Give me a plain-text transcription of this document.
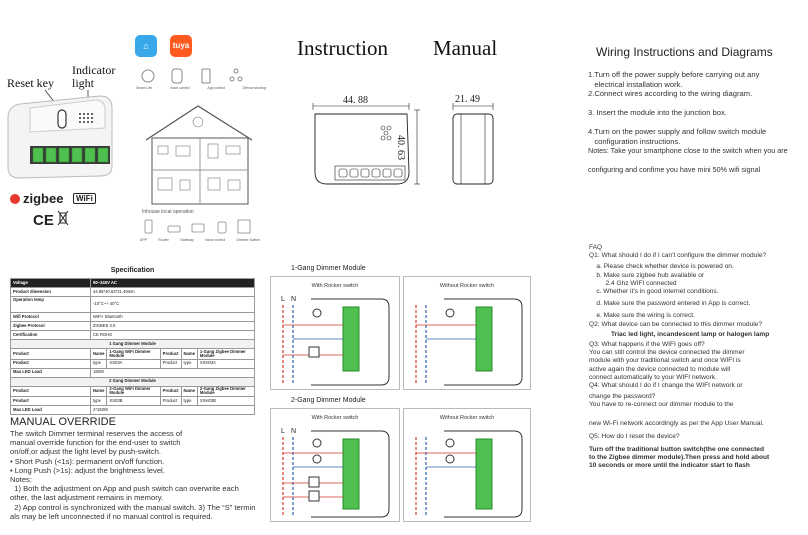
Reset key
Indicator
light
zigbee	WiFi
CE
⌂	tuya
Smart Life	Voice control	App control	Device sharing
Inhouse local operation
APP	Router	Gateway	Voice control	Dimmer Switch
Specification
Voltage	90~240V AC				
Product dimension	44.88*40.63*21.49mm				
Operation temp	-10°C~+ 40°C				
Wifi Protocol	WiFi+ Bluetooth				
Zigbee Protocol	ZIGBEE 3.0				
Certification	CE ROHS				
1 Gang Dimmer Module					
Product	Name	1-Gang WiFi Dimmer Module	Product	Name	1-Gang Zigbee Dimmer Module
Product	type	XS03A	Product	type	XSH03A
Max LED Load	150W				
2 Gang Dimmer Module					
Product	Name	2-Gang WiFi Dimmer Module	Product	Name	2-Gang Zigbee Dimmer Module
Product	type	XS03B	Product	type	XSH03B
Max LED Load	2*150W				
MANUAL OVERRIDE
The switch Dimmer terminal reserves the access of
manual override function for the end-user to switch
on/off,or adjust the light level by push-switch.
• Short Push (<1s): permanent on/off function.
• Long Push (>1s): adjust the brightness level.
Notes:
1) Both the adjustment on App and push switch can overwrite each
other, the last adjustment remains in memory.
2) App control is synchronized with the manual switch. 3) The “S” termin
als may be left unconnected if no manual control is required.
Instruction Manual
44. 88	21. 49
40. 63
1-Gang Dimmer Module
With Rocker switch
L N
Without Rocker switch
2-Gang Dimmer Module
With Rocker switch
L N
Without Rocker switch
Wiring Instructions and Diagrams
1.Turn off the power supply before carrying out any
electrical installation work.
2.Connect wires according to the wiring diagram.
3. Insert the module into the junction box.
4.Turn on the power supply and follow switch module
configuration instructions.
Notes: Take your smartphone close to the switch when you are
configuring and confime you have mini 50% wifi signal
FAQ
Q1: What should I do if I can't configure the dimmer module?
a. Please check whether device is powered on.
b. Make sure zigbee hub available or
2.4 Ghz WIFI connected
c. Whether it's in good internet conditions.
d. Make sure the password entered in App is correct.
e. Make sure the wiring is correct.
Q2: What device can be connected to this dimmer module?
Triac led light, incandescent lamp or halogen lamp
Q3: What happens if the WIFI goes off?
You can still control the device connected the dimmer
module with your traditional switch and once WIFI is
active again the device connected to module will
connect automatically to your WIFI network.
Q4: What should I do if I change the WIFI network or
change the password?
You have to re-connect our dimmer module to the
new Wi-Fi network accordingly as per the App User Manual.
Q5: How do I reset the device?
Turn off the traditional button switch(the one connected
to the Zigbee dimmer module).Then press and hold about
10 seconds or more until the indicator start to flash
